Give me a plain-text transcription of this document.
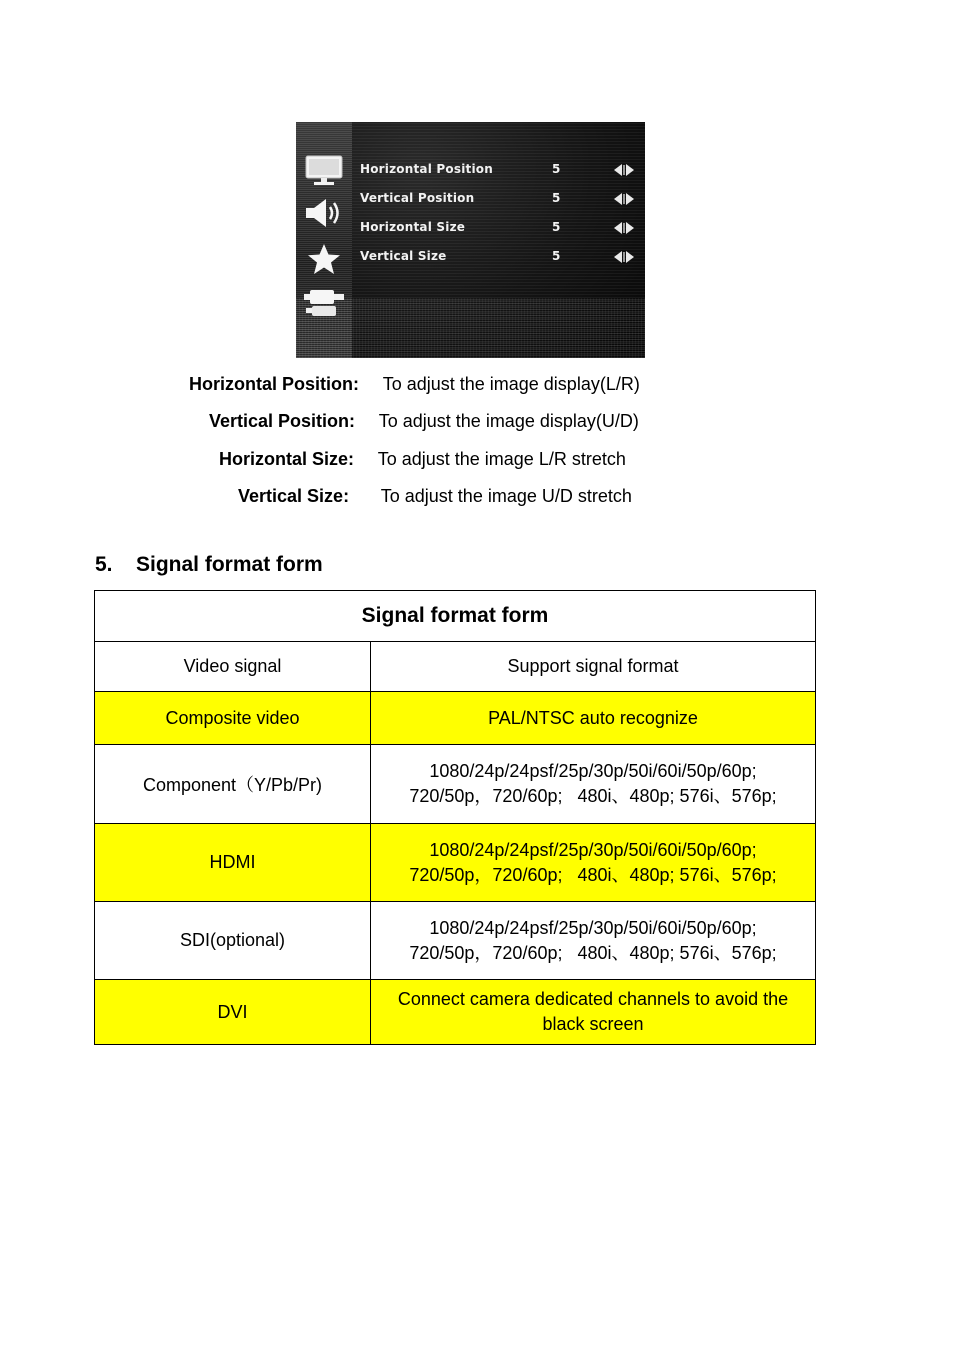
Horizontal Position	5
Vertical Position	5
Horizontal Size	5
Vertical Size	5
Horizontal Position: To adjust the image display(L/R)
Vertical Position: To adjust the image display(U/D)
Horizontal Size: To adjust the image L/R stretch
Vertical Size: To adjust the image U/D stretch
5. Signal format form
Signal format form	
Video signal	Support signal format
Composite video	PAL/NTSC auto recognize

Component（Y/Pb/Pr)	1080/24p/24psf/25p/30p/50i/60i/50p/60p;
720/50p，720/60p;   480i、480p; 576i、576p;

HDMI	1080/24p/24psf/25p/30p/50i/60i/50p/60p;
720/50p，720/60p;   480i、480p; 576i、576p;

SDI(optional)	1080/24p/24psf/25p/30p/50i/60i/50p/60p;
720/50p，720/60p;   480i、480p; 576i、576p;

DVI	Connect camera dedicated channels to avoid the
black screen
